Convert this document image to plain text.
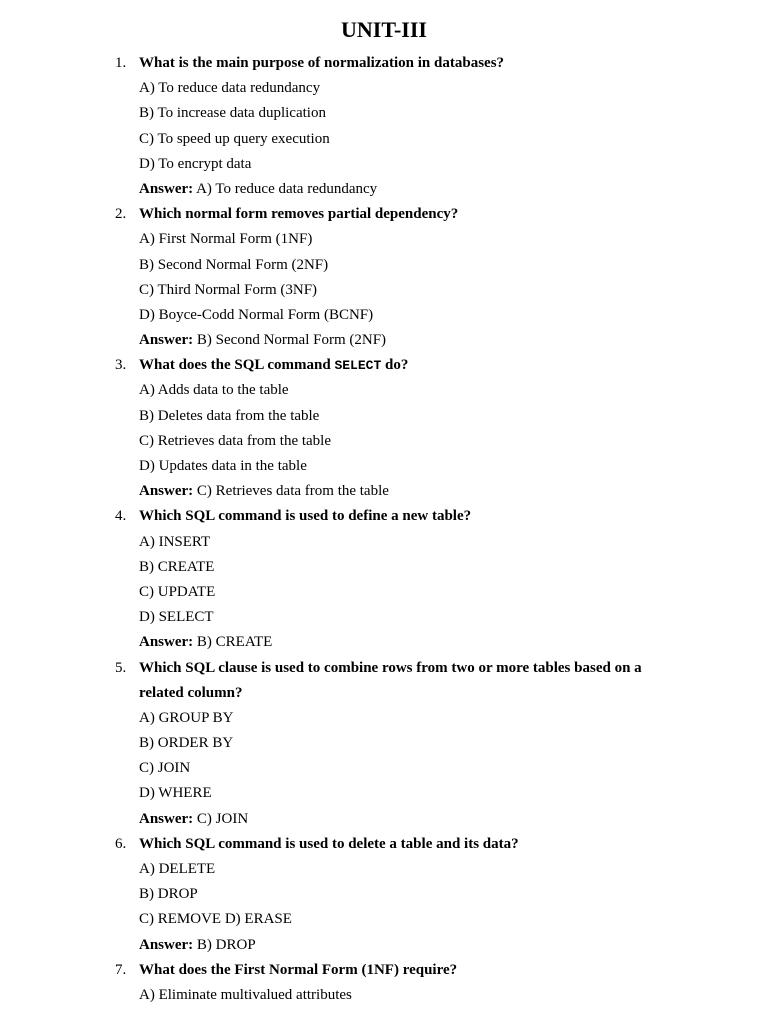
UNIT-III
1. What is the main purpose of normalization in databases?
A) To reduce data redundancy
B) To increase data duplication
C) To speed up query execution
D) To encrypt data
Answer: A) To reduce data redundancy
2. Which normal form removes partial dependency?
A) First Normal Form (1NF)
B) Second Normal Form (2NF)
C) Third Normal Form (3NF)
D) Boyce-Codd Normal Form (BCNF)
Answer: B) Second Normal Form (2NF)
3. What does the SQL command SELECT do?
A) Adds data to the table
B) Deletes data from the table
C) Retrieves data from the table
D) Updates data in the table
Answer: C) Retrieves data from the table
4. Which SQL command is used to define a new table?
A) INSERT
B) CREATE
C) UPDATE
D) SELECT
Answer: B) CREATE
5. Which SQL clause is used to combine rows from two or more tables based on a
related column?
A) GROUP BY
B) ORDER BY
C) JOIN
D) WHERE
Answer: C) JOIN
6. Which SQL command is used to delete a table and its data?
A) DELETE
B) DROP
C) REMOVE D) ERASE
Answer: B) DROP
7. What does the First Normal Form (1NF) require?
A) Eliminate multivalued attributes
